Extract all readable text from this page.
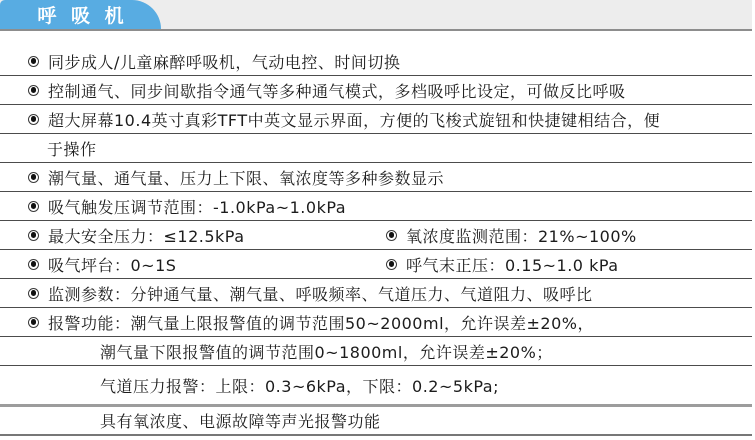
呼 吸 机
同步成人/儿童麻醉呼吸机，气动电控、时间切换
控制通气、同步间歇指令通气等多种通气模式，多档吸呼比设定，可做反比呼吸
超大屏幕10.4英寸真彩TFT中英文显示界面，方便的飞梭式旋钮和快捷键相结合，便
于操作
潮气量、通气量、压力上下限、氧浓度等多种参数显示
吸气触发压调节范围：-1.0kPa~1.0kPa
最大安全压力：≤12.5kPa	氧浓度监测范围：21%~100%
吸气坪台：0~1S	呼气末正压：0.15~1.0 kPa
监测参数：分钟通气量、潮气量、呼吸频率、气道压力、气道阻力、吸呼比
报警功能：潮气量上限报警值的调节范围50~2000ml，允许误差±20%，
潮气量下限报警值的调节范围0~1800ml，允许误差±20%；
气道压力报警：上限：0.3~6kPa，下限：0.2~5kPa;
具有氧浓度、电源故障等声光报警功能
